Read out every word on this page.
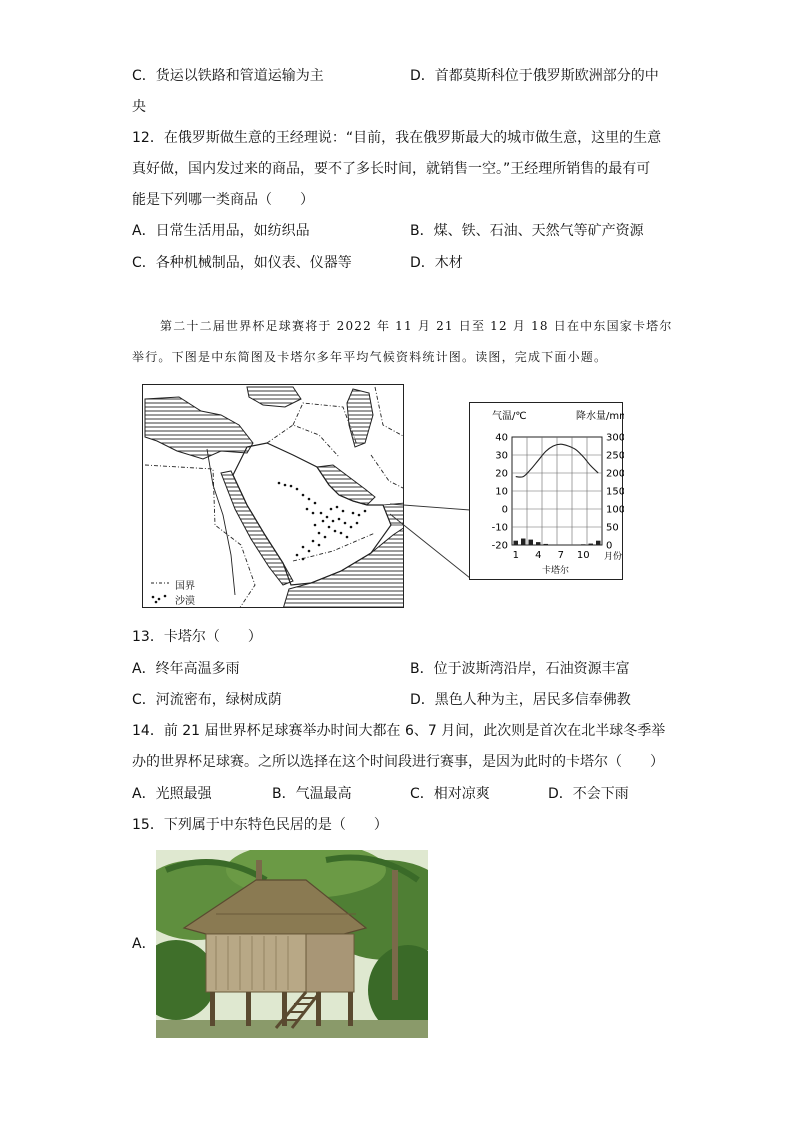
C．货运以铁路和管道运输为主	D．首都莫斯科位于俄罗斯欧洲部分的中
央
12．在俄罗斯做生意的王经理说：“目前，我在俄罗斯最大的城市做生意，这里的生意
真好做，国内发过来的商品，要不了多长时间，就销售一空。”王经理所销售的最有可
能是下列哪一类商品（　　）
A．日常生活用品，如纺织品	B．煤、铁、石油、天然气等矿产资源
C．各种机械制品，如仪表、仪器等	D．木材
第二十二届世界杯足球赛将于 2022 年 11 月 21 日至 12 月 18 日在中东国家卡塔尔
举行。下图是中东简图及卡塔尔多年平均气候资料统计图。读图，完成下面小题。
国界
沙漠
气温/℃	降水量/mm
40
30
20
10
0
-10
-20
300
250
200
150
100
50
0
1 4 7 10 月份
卡塔尔
13．卡塔尔（　　）
A．终年高温多雨	B．位于波斯湾沿岸，石油资源丰富
C．河流密布，绿树成荫	D．黑色人种为主，居民多信奉佛教
14．前 21 届世界杯足球赛举办时间大都在 6、7 月间，此次则是首次在北半球冬季举
办的世界杯足球赛。之所以选择在这个时间段进行赛事，是因为此时的卡塔尔（　　）
A．光照最强	B．气温最高	C．相对凉爽	D．不会下雨
15．下列属于中东特色民居的是（　　）
A．
